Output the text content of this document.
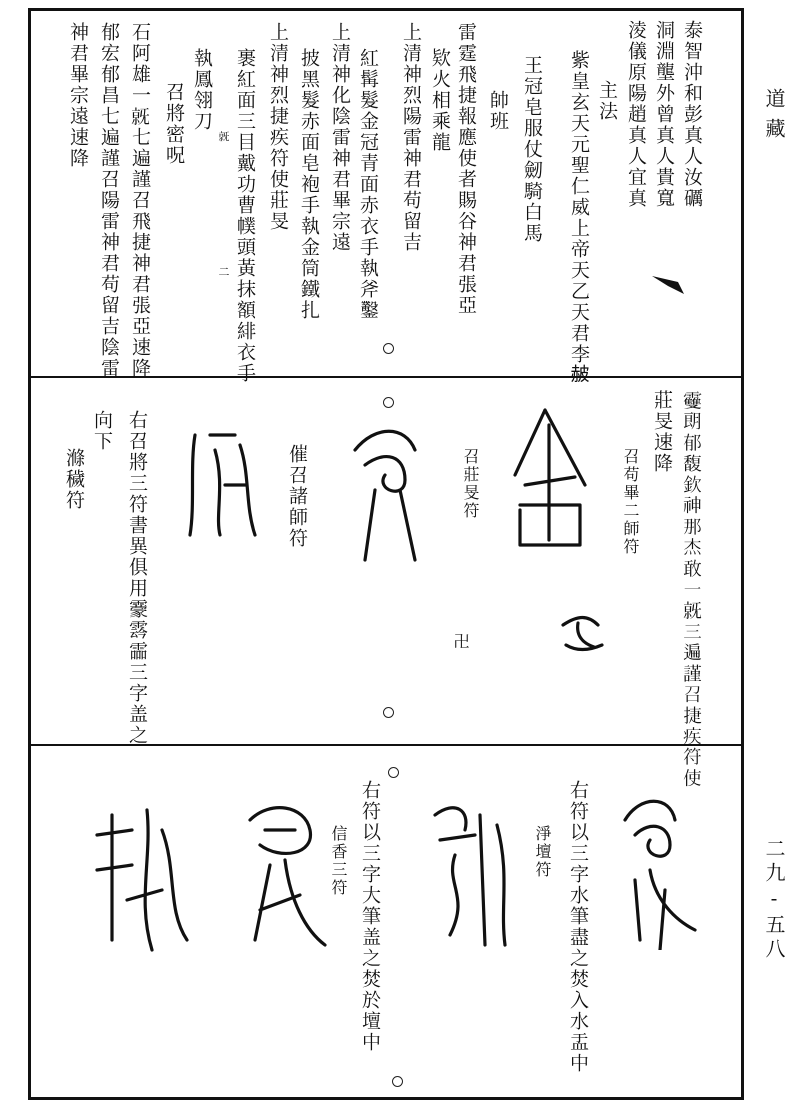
道藏
二九-五八
泰智沖和彭真人汝礪
洞淵壟外曾真人貴寬
淩儀原陽趙真人宜真
主法
紫皇玄天元聖仁威上帝天乙天君李𧹞
王冠皂服仗劒騎白馬
帥班
雷霆飛捷報應使者賜谷神君張亞
欵火相乘龍
上清神烈陽雷神君苟留吉
紅髯髮金冠青面赤衣手執斧鑿
上清神化陰雷神君畢宗遠
披黑髮赤面皂袍手執金筒鐵扎
上清神烈捷疾符使莊旻
裹紅面三目戴功曹幞頭黃抹額緋衣手
執鳳翎刀
召將密呪
石阿雄一𣄶七遍謹召飛捷神君張亞速降
郁宏郁昌七遍謹召陽雷神君苟留吉陰雷
神君畢宗遠速降
二
𣄶
𩆿朗郁馥欽神那杰敢一𣄶三遍謹召捷疾符使
莊旻速降
召苟畢二師符
召莊旻符
卍
催召諸師符
右召將三符書異俱用靀𩃬霝三字盖之
向下
滌穢符
右符以三字水筆盡之焚入水盂中
淨壇符
右符以三字大筆盖之焚於壇中
信香三符
